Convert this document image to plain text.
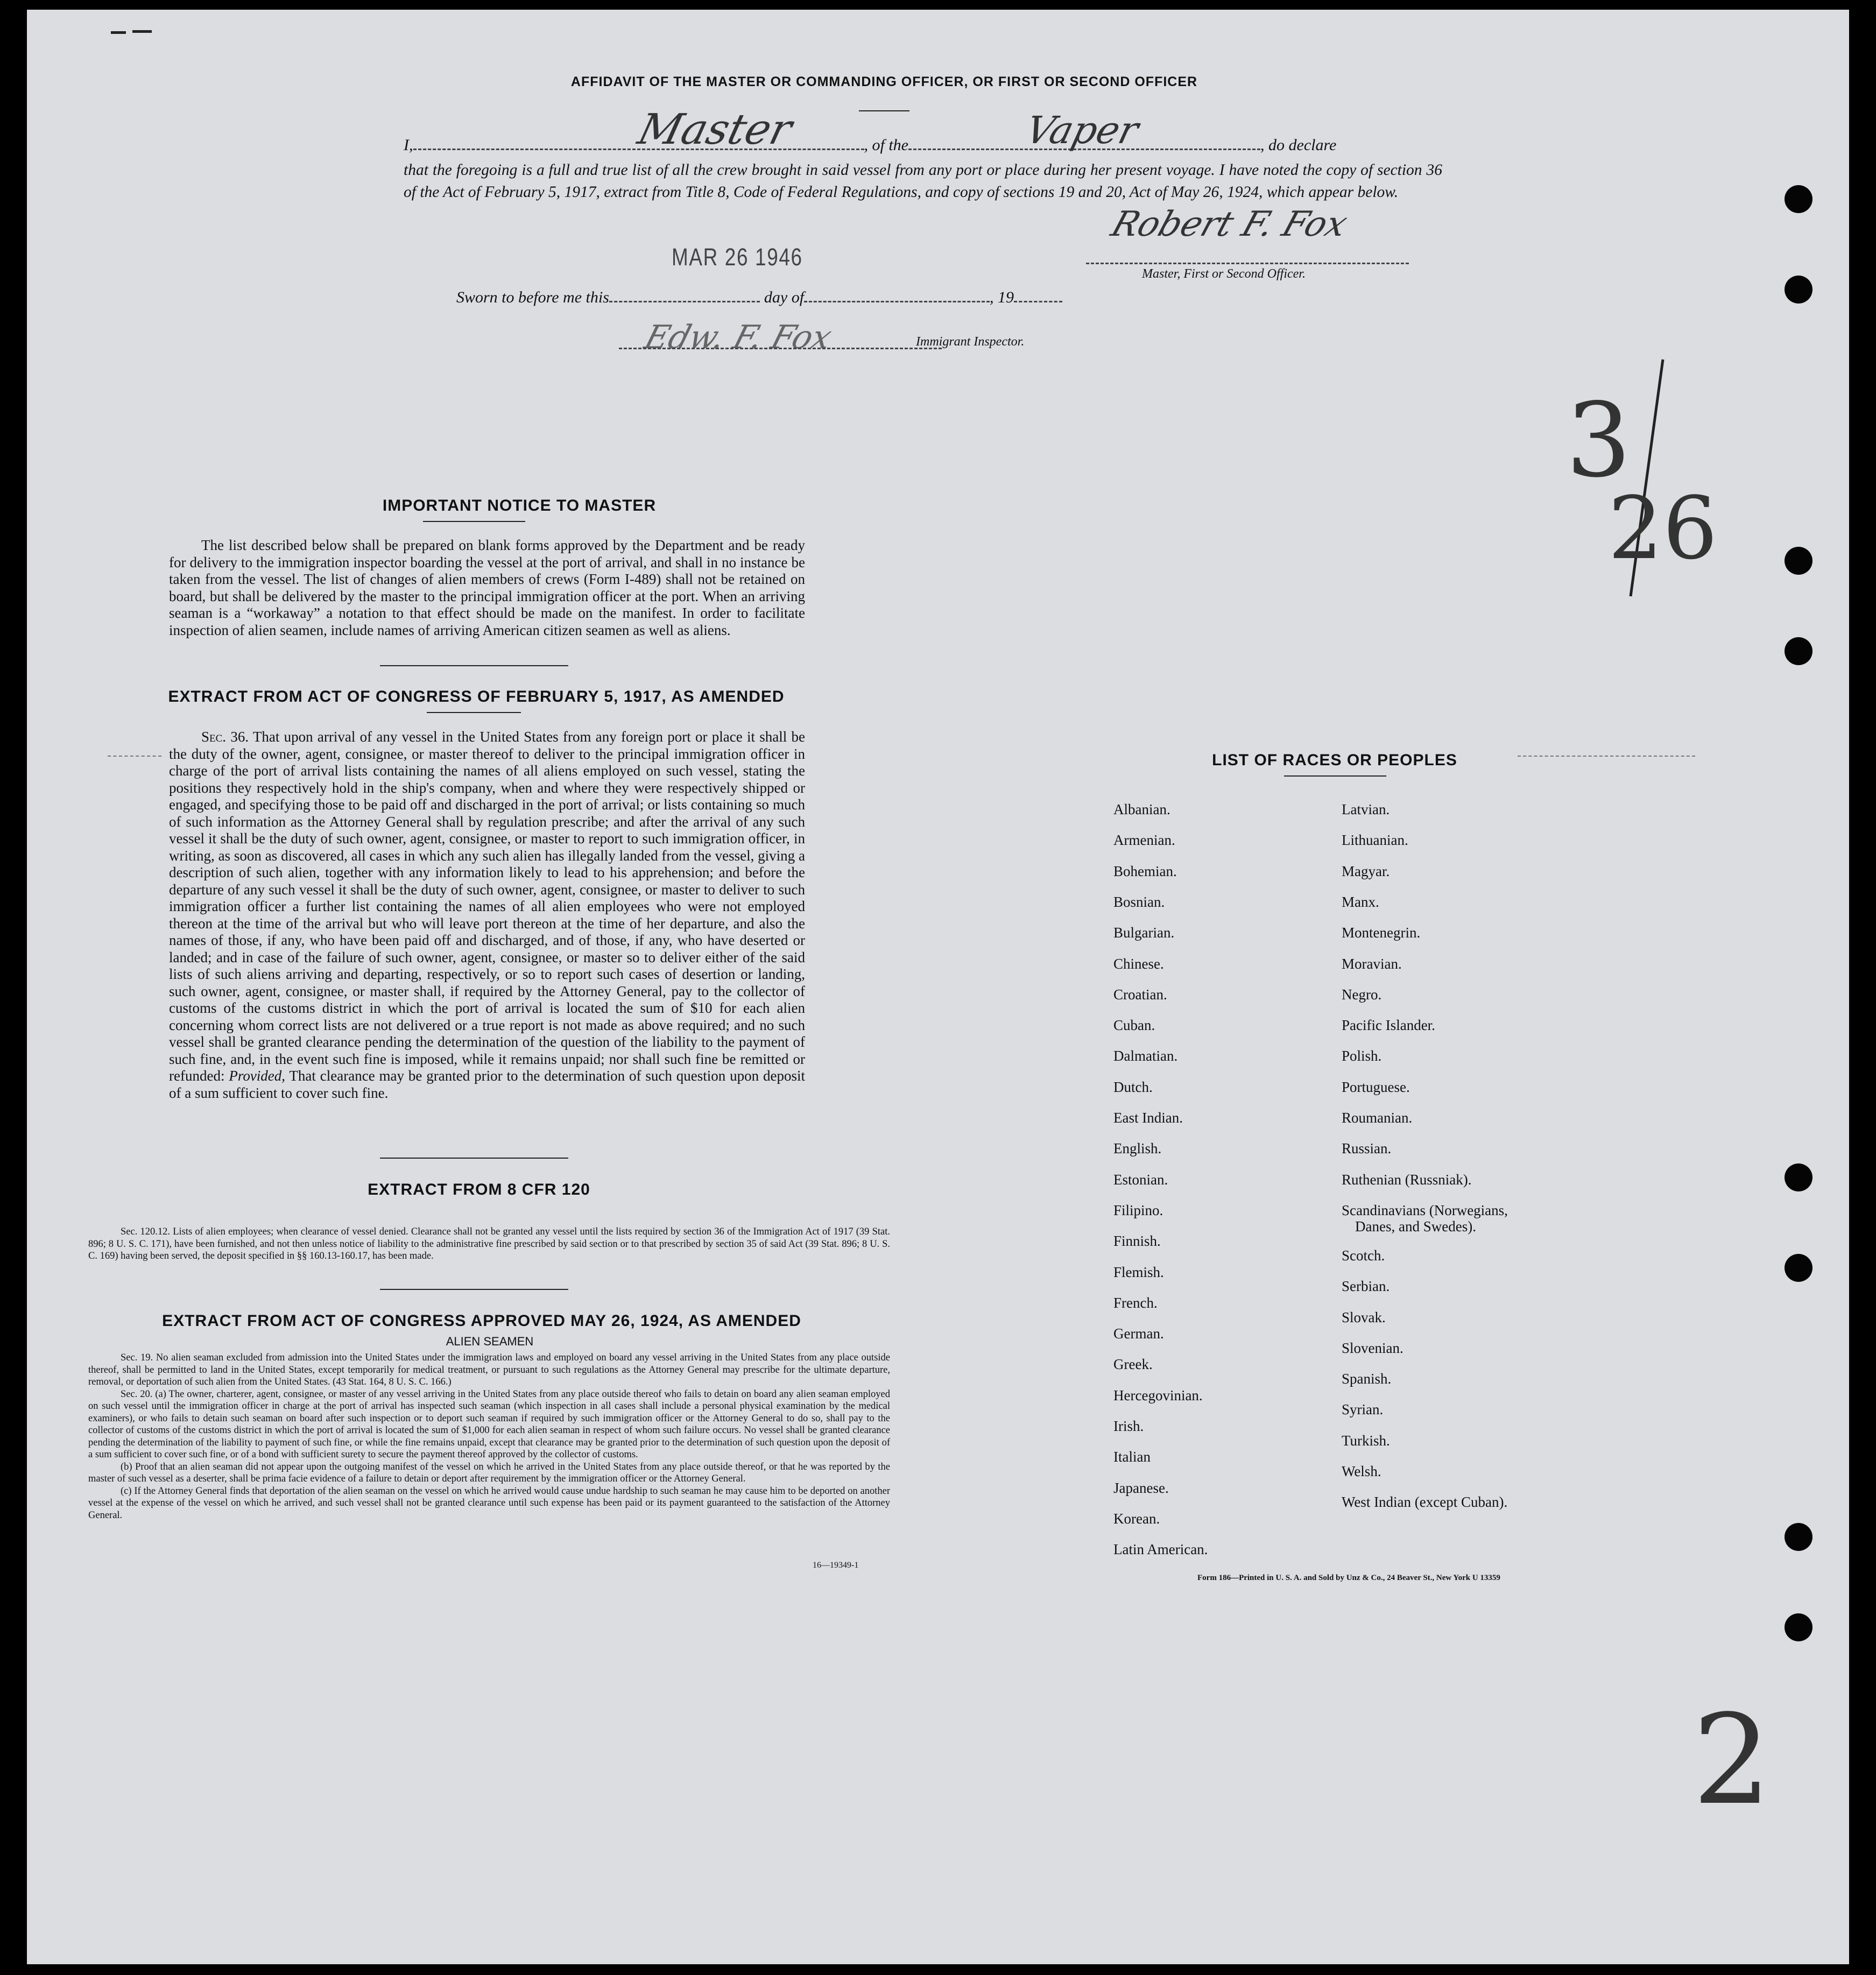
AFFIDAVIT OF THE MASTER OR COMMANDING OFFICER, OR FIRST OR SECOND OFFICER
I,	, of the	, do declare
Master	Vaper
that the foregoing is a full and true list of all the crew brought in said vessel from any port or place during her present voyage. I have noted the copy of section 36 of the Act of February 5, 1917, extract from Title 8, Code of Federal Regulations, and copy of sections 19 and 20, Act of May 26, 1924, which appear below.
MAR 26 1946
Robert F. Fox
Master, First or Second Officer.
Sworn to before me this	day of	, 19
Edw. F. Fox	Immigrant Inspector.
3
26
2
IMPORTANT NOTICE TO MASTER
The list described below shall be prepared on blank forms approved by the Department and be ready for delivery to the immigration inspector boarding the vessel at the port of arrival, and shall in no instance be taken from the vessel. The list of changes of alien members of crews (Form I-489) shall not be retained on board, but shall be delivered by the master to the principal immigration officer at the port. When an arriving seaman is a “workaway” a notation to that effect should be made on the manifest. In order to facilitate inspection of alien seamen, include names of arriving American citizen seamen as well as aliens.
EXTRACT FROM ACT OF CONGRESS OF FEBRUARY 5, 1917, AS AMENDED
Sec. 36. That upon arrival of any vessel in the United States from any foreign port or place it shall be the duty of the owner, agent, consignee, or master thereof to deliver to the principal immigration officer in charge of the port of arrival lists containing the names of all aliens employed on such vessel, stating the positions they respectively hold in the ship's company, when and where they were respectively shipped or engaged, and specifying those to be paid off and discharged in the port of arrival; or lists containing so much of such information as the Attorney General shall by regulation prescribe; and after the arrival of any such vessel it shall be the duty of such owner, agent, consignee, or master to report to such immigration officer, in writing, as soon as discovered, all cases in which any such alien has illegally landed from the vessel, giving a description of such alien, together with any information likely to lead to his apprehension; and before the departure of any such vessel it shall be the duty of such owner, agent, consignee, or master to deliver to such immigration officer a further list containing the names of all alien employees who were not employed thereon at the time of the arrival but who will leave port thereon at the time of her departure, and also the names of those, if any, who have been paid off and discharged, and of those, if any, who have deserted or landed; and in case of the failure of such owner, agent, consignee, or master so to deliver either of the said lists of such aliens arriving and departing, respectively, or so to report such cases of desertion or landing, such owner, agent, consignee, or master shall, if required by the Attorney General, pay to the collector of customs of the customs district in which the port of arrival is located the sum of $10 for each alien concerning whom correct lists are not delivered or a true report is not made as above required; and no such vessel shall be granted clearance pending the determination of the question of the liability to the payment of such fine, and, in the event such fine is imposed, while it remains unpaid; nor shall such fine be remitted or refunded: Provided, That clearance may be granted prior to the determination of such question upon deposit of a sum sufficient to cover such fine.
EXTRACT FROM 8 CFR 120
Sec. 120.12. Lists of alien employees; when clearance of vessel denied. Clearance shall not be granted any vessel until the lists required by section 36 of the Immigration Act of 1917 (39 Stat. 896; 8 U. S. C. 171), have been furnished, and not then unless notice of liability to the administrative fine prescribed by said section or to that prescribed by section 35 of said Act (39 Stat. 896; 8 U. S. C. 169) having been served, the deposit specified in §§ 160.13-160.17, has been made.
EXTRACT FROM ACT OF CONGRESS APPROVED MAY 26, 1924, AS AMENDED
ALIEN SEAMEN
Sec. 19. No alien seaman excluded from admission into the United States under the immigration laws and employed on board any vessel arriving in the United States from any place outside thereof, shall be permitted to land in the United States, except temporarily for medical treatment, or pursuant to such regulations as the Attorney General may prescribe for the ultimate departure, removal, or deportation of such alien from the United States. (43 Stat. 164, 8 U. S. C. 166.)
Sec. 20. (a) The owner, charterer, agent, consignee, or master of any vessel arriving in the United States from any place outside thereof who fails to detain on board any alien seaman employed on such vessel until the immigration officer in charge at the port of arrival has inspected such seaman (which inspection in all cases shall include a personal physical examination by the medical examiners), or who fails to detain such seaman on board after such inspection or to deport such seaman if required by such immigration officer or the Attorney General to do so, shall pay to the collector of customs of the customs district in which the port of arrival is located the sum of $1,000 for each alien seaman in respect of whom such failure occurs. No vessel shall be granted clearance pending the determination of the liability to payment of such fine, or while the fine remains unpaid, except that clearance may be granted prior to the determination of such question upon the deposit of a sum sufficient to cover such fine, or of a bond with sufficient surety to secure the payment thereof approved by the collector of customs.
(b) Proof that an alien seaman did not appear upon the outgoing manifest of the vessel on which he arrived in the United States from any place outside thereof, or that he was reported by the master of such vessel as a deserter, shall be prima facie evidence of a failure to detain or deport after requirement by the immigration officer or the Attorney General.
(c) If the Attorney General finds that deportation of the alien seaman on the vessel on which he arrived would cause undue hardship to such seaman he may cause him to be deported on another vessel at the expense of the vessel on which he arrived, and such vessel shall not be granted clearance until such expense has been paid or its payment guaranteed to the satisfaction of the Attorney General.
16—19349-1
LIST OF RACES OR PEOPLES
Form 186—Printed in U. S. A. and Sold by Unz & Co., 24 Beaver St., New York U 13359
Albanian.
Armenian.
Bohemian.
Bosnian.
Bulgarian.
Chinese.
Croatian.
Cuban.
Dalmatian.
Dutch.
East Indian.
English.
Estonian.
Filipino.
Finnish.
Flemish.
French.
German.
Greek.
Hercegovinian.
Irish.
Italian
Japanese.
Korean.
Latin American.
Latvian.
Lithuanian.
Magyar.
Manx.
Montenegrin.
Moravian.
Negro.
Pacific Islander.
Polish.
Portuguese.
Roumanian.
Russian.
Ruthenian (Russniak).
Scandinavians (Norwegians,
Danes, and Swedes).
Scotch.
Serbian.
Slovak.
Slovenian.
Spanish.
Syrian.
Turkish.
Welsh.
West Indian (except Cuban).
